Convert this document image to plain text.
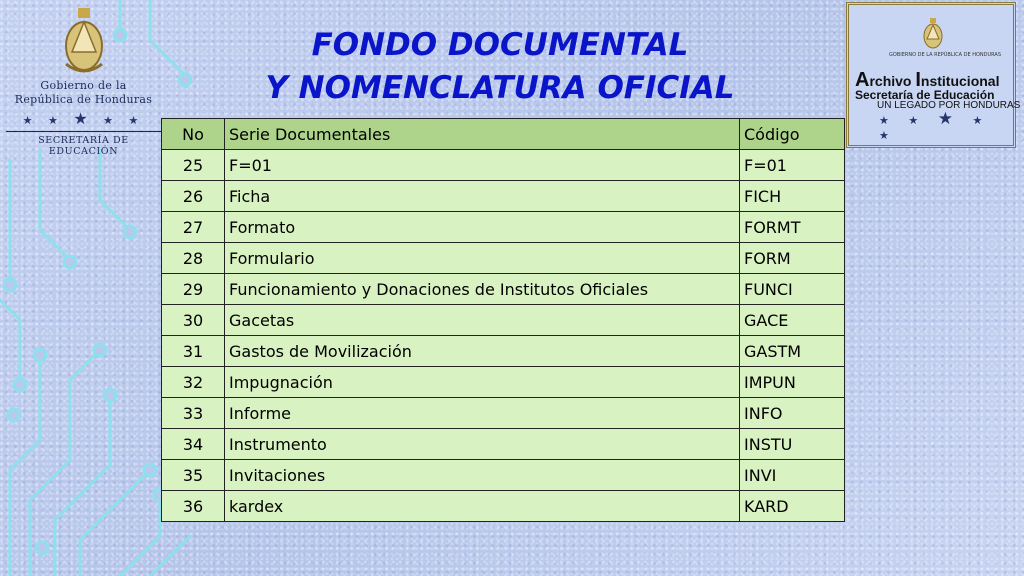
Gobierno de la
República de Honduras
★ ★ ★ ★ ★
SECRETARÍA DE EDUCACIÓN
FONDO DOCUMENTAL
Y NOMENCLATURA OFICIAL
GOBIERNO DE LA REPÚBLICA DE HONDURAS
Archivo Institucional
Secretaría de Educación
UN LEGADO POR HONDURAS
★ ★ ★ ★ ★
No	Serie Documentales	Código
25	F=01	F=01
26	Ficha	FICH
27	Formato	FORMT
28	Formulario	FORM
29	Funcionamiento y Donaciones de Institutos Oficiales	FUNCI
30	Gacetas	GACE
31	Gastos de Movilización	GASTM
32	Impugnación	IMPUN
33	Informe	INFO
34	Instrumento	INSTU
35	Invitaciones	INVI
36	kardex	KARD
